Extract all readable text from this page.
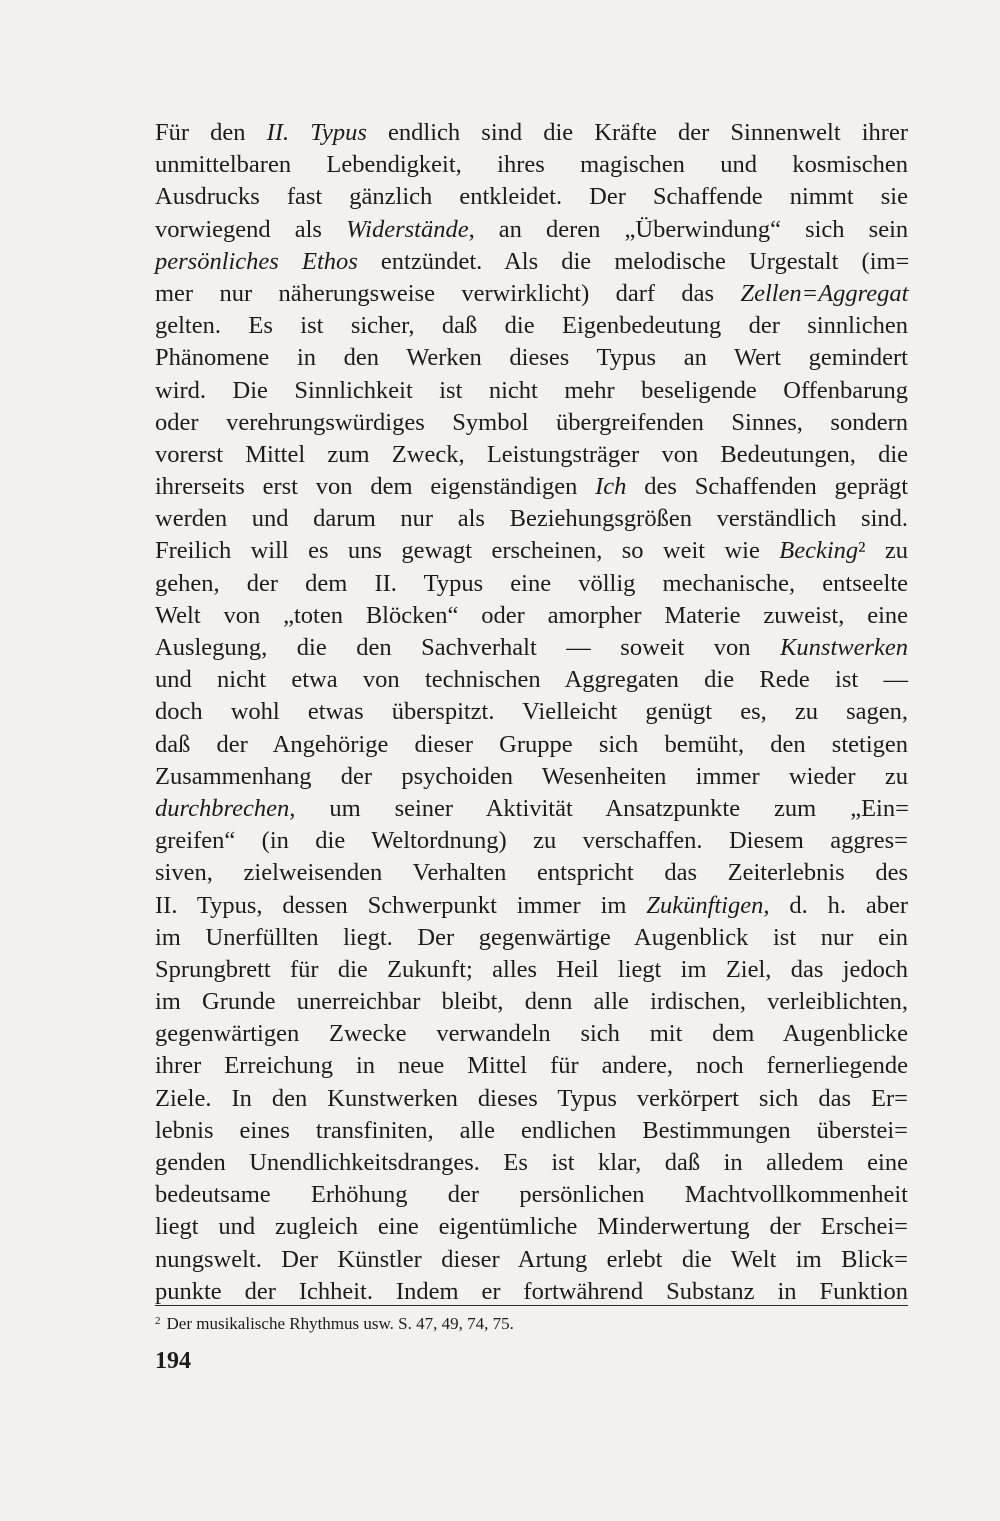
Für den II. Typus endlich sind die Kräfte der Sinnenwelt ihrer
unmittelbaren Lebendigkeit, ihres magischen und kosmischen
Ausdrucks fast gänzlich entkleidet. Der Schaffende nimmt sie
vorwiegend als Widerstände, an deren „Überwindung“ sich sein
persönliches Ethos entzündet. Als die melodische Urgestalt (im=
mer nur näherungsweise verwirklicht) darf das Zellen=Aggregat
gelten. Es ist sicher, daß die Eigenbedeutung der sinnlichen
Phänomene in den Werken dieses Typus an Wert gemindert
wird. Die Sinnlichkeit ist nicht mehr beseligende Offenbarung
oder verehrungswürdiges Symbol übergreifenden Sinnes, sondern
vorerst Mittel zum Zweck, Leistungsträger von Bedeutungen, die
ihrerseits erst von dem eigenständigen Ich des Schaffenden geprägt
werden und darum nur als Beziehungsgrößen verständlich sind.
Freilich will es uns gewagt erscheinen, so weit wie Becking² zu
gehen, der dem II. Typus eine völlig mechanische, entseelte
Welt von „toten Blöcken“ oder amorpher Materie zuweist, eine
Auslegung, die den Sachverhalt — soweit von Kunstwerken
und nicht etwa von technischen Aggregaten die Rede ist —
doch wohl etwas überspitzt. Vielleicht genügt es, zu sagen,
daß der Angehörige dieser Gruppe sich bemüht, den stetigen
Zusammenhang der psychoiden Wesenheiten immer wieder zu
durchbrechen, um seiner Aktivität Ansatzpunkte zum „Ein=
greifen“ (in die Weltordnung) zu verschaffen. Diesem aggres=
siven, zielweisenden Verhalten entspricht das Zeiterlebnis des
II. Typus, dessen Schwerpunkt immer im Zukünftigen, d. h. aber
im Unerfüllten liegt. Der gegenwärtige Augenblick ist nur ein
Sprungbrett für die Zukunft; alles Heil liegt im Ziel, das jedoch
im Grunde unerreichbar bleibt, denn alle irdischen, verleiblichten,
gegenwärtigen Zwecke verwandeln sich mit dem Augenblicke
ihrer Erreichung in neue Mittel für andere, noch fernerliegende
Ziele. In den Kunstwerken dieses Typus verkörpert sich das Er=
lebnis eines transfiniten, alle endlichen Bestimmungen überstei=
genden Unendlichkeitsdranges. Es ist klar, daß in alledem eine
bedeutsame Erhöhung der persönlichen Machtvollkommenheit
liegt und zugleich eine eigentümliche Minderwertung der Erschei=
nungswelt. Der Künstler dieser Artung erlebt die Welt im Blick=
punkte der Ichheit. Indem er fortwährend Substanz in Funktion
$^2$ Der musikalische Rhythmus usw. S. 47, 49, 74, 75.
194
